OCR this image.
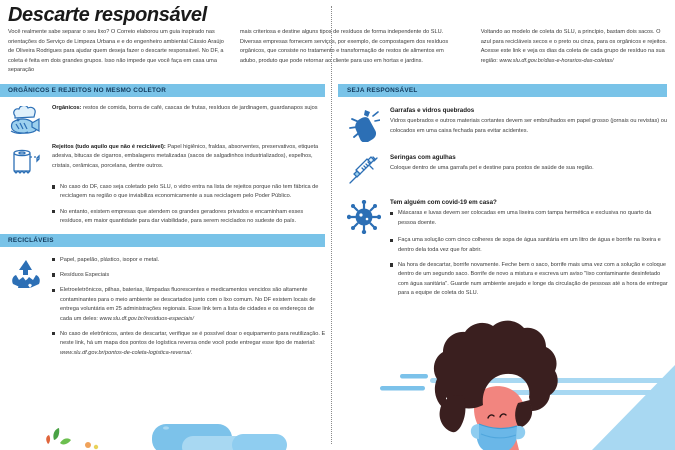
Descarte responsável
Você realmente sabe separar o seu lixo? O Correio elaborou um guia inspirado nas orientações do Serviço de Limpeza Urbana e e do engenheiro ambiental Cássio Araújo de Oliveira Rodrigues para ajudar quem deseja fazer o descarte responsável. No DF, a coleta é feita em dois grandes grupos. Isso não impede que você faça em casa uma separação
mais criteriosa e destine alguns tipos de resíduos de forma independente do SLU. Diversas empresas fornecem serviços, por exemplo, de compostagem dos resíduos orgânicos, que consiste no tratamento e transformação de restos de alimentos em adubo, produto que pode retornar ao cliente para uso em hortas e jardins.
Voltando ao modelo de coleta do SLU, a princípio, bastam dois sacos. O azul para recicláveis secos e o preto ou cinza, para os orgânicos e rejeitos. Acesse este link e veja os dias da coleta de cada grupo de resíduo na sua região: www.slu.df.gov.br/dias-e-horarios-das-coletas/
ORGÂNICOS E REJEITOS NO MESMO COLETOR
Orgânicos: restos de comida, borra de café, cascas de frutas, resíduos de jardinagem, guardanapos sujos
Rejeitos (tudo aquilo que não é reciclável): Papel higiênico, fraldas, absorventes, preservativos, etiqueta adesiva, bitucas de cigarros, embalagens metalizadas (sacos de salgadinhos industrializados), espelhos, cristais, cerâmicas, porcelana, dentre outros.
No caso do DF, caso seja coletado pelo SLU, o vidro entra na lista de rejeitos porque não tem fábrica de reciclagem na região o que inviabiliza economicamente a sua reciclagem pelo Poder Público.
No entanto, existem empresas que atendem os grandes geradores privados e encaminham esses resíduos, em maior quantidade para dar viabilidade, para serem reciclados no sudeste do país.
RECICLÁVEIS
Papel, papelão, plástico, isopor e metal.
Resíduos Especiais
Eletroeletrônicos, pilhas, baterias, lâmpadas fluorescentes e medicamentos vencidos são altamente contaminantes para o meio ambiente se descartados junto com o lixo comum. No DF existem locais de entrega voluntária em 25 administrações regionais. Esse link tem a lista de cidades e os endereços de cada um deles: www.slu.df.gov.br//residuos-especiais/
No caso de eletrônicos, antes de descartar, verifique se é possível doar o equipamento para reutilização. E neste link, há um mapa dos pontos de logística reversa onde você pode entregar esse tipo de material: www.slu.df.gov.br/pontos-de-coleta-logistica-reversa/.
SEJA RESPONSÁVEL
Garrafas e vidros quebrados
Vidros quebrados e outros materiais cortantes devem ser embrulhados em papel grosso (jornais ou revistas) ou colocados em uma caixa fechada para evitar acidentes.
Seringas com agulhas
Coloque dentro de uma garrafa pet e destine para postos de saúde de sua região.
Tem alguém com covid-19 em casa?
Máscaras e luvas devem ser colocadas em uma lixeira com tampa hermética e exclusiva no quarto da pessoa doente.
Faça uma solução com cinco colheres de sopa de água sanitária em um litro de água e borrife na lixeira e dentro dela toda vez que for abrir.
Na hora de descartar, borrife novamente. Feche bem o saco, borrife mais uma vez com a solução e coloque dentro de um segundo saco. Borrife de novo a mistura e escreva um aviso "lixo contaminante desinfetado com água sanitária". Guarde num ambiente arejado e longe da circulação de pessoas até a hora de entregar para a equipe de coleta do SLU.
